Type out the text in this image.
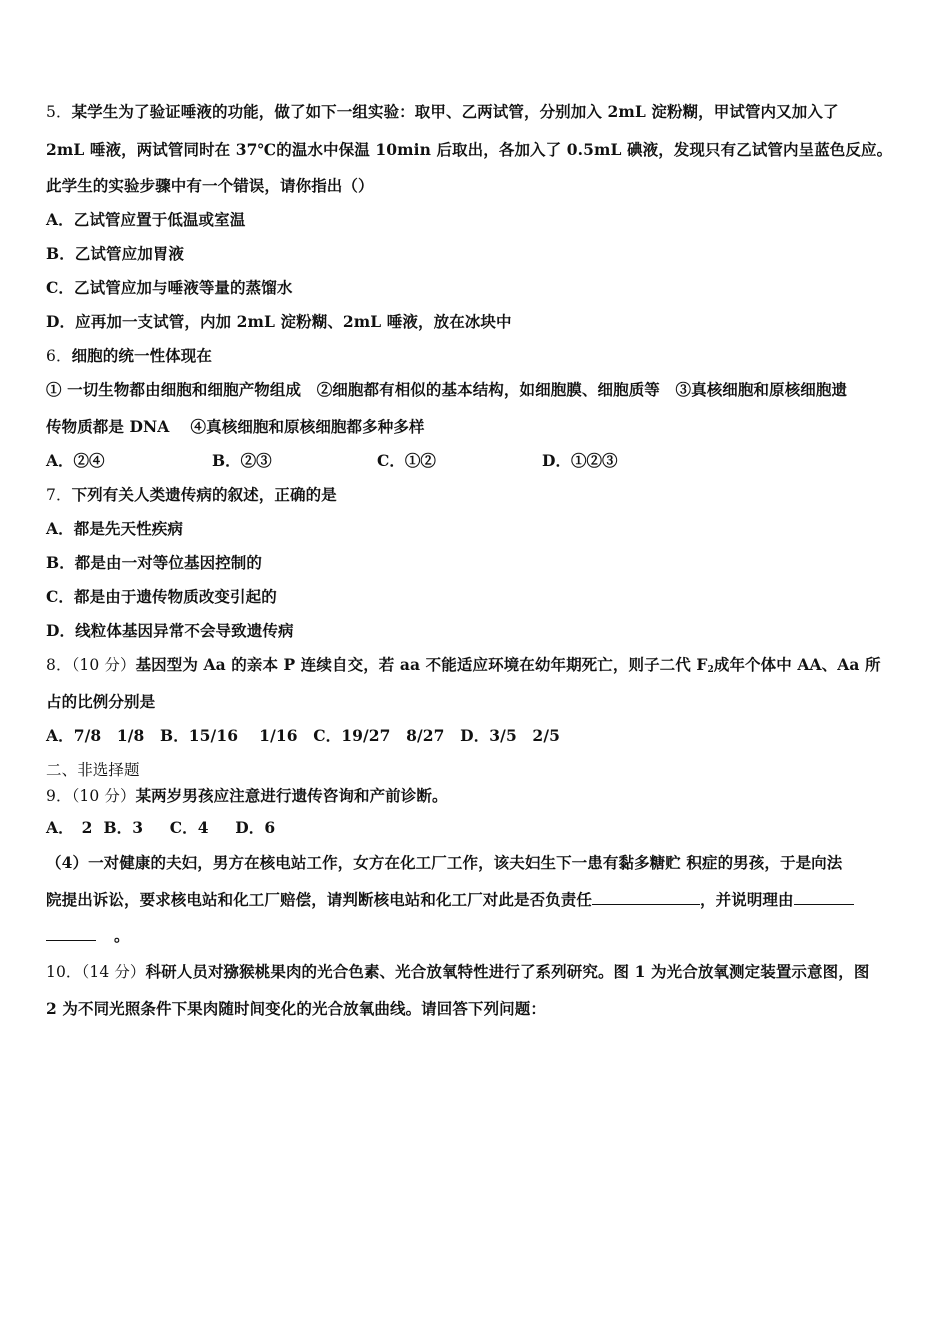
5．某学生为了验证唾液的功能，做了如下一组实验：取甲、乙两试管，分别加入 2mL 淀粉糊，甲试管内又加入了
2mL 唾液，两试管同时在 37℃的温水中保温 10min 后取出，各加入了 0.5mL 碘液，发现只有乙试管内呈蓝色反应。
此学生的实验步骤中有一个错误，请你指出（）
A．乙试管应置于低温或室温
B．乙试管应加胃液
C．乙试管应加与唾液等量的蒸馏水
D．应再加一支试管，内加 2mL 淀粉糊、2mL 唾液，放在冰块中
6．细胞的统一性体现在
① 一切生物都由细胞和细胞产物组成　②细胞都有相似的基本结构，如细胞膜、细胞质等　③真核细胞和原核细胞遗
传物质都是 DNA　 ④真核细胞和原核细胞都多种多样
A．②④	B．②③	C．①②	D．①②③
7．下列有关人类遗传病的叙述，正确的是
A．都是先天性疾病
B．都是由一对等位基因控制的
C．都是由于遗传物质改变引起的
D．线粒体基因异常不会导致遗传病
8．（10 分）基因型为 Aa 的亲本 P 连续自交，若 aa 不能适应环境在幼年期死亡，则子二代 $F_2$成年个体中 AA、Aa 所
占的比例分别是
A．7/8　1/8　B．15/16　 1/16　C．19/27　8/27　D．3/5　2/5
二、非选择题
9．（10 分）某两岁男孩应注意进行遗传咨询和产前诊断。
A．　2  B．3　  C．4　  D．6
（4）一对健康的夫妇，男方在核电站工作，女方在化工厂工作，该夫妇生下一患有黏多糖贮 积症的男孩，于是向法
院提出诉讼，要求核电站和化工厂赔偿，请判断核电站和化工厂对此是否负责任	，并说明理由
。
10．（14 分）科研人员对猕猴桃果肉的光合色素、光合放氧特性进行了系列研究。图 1 为光合放氧测定装置示意图，图
2 为不同光照条件下果肉随时间变化的光合放氧曲线。请回答下列问题：
